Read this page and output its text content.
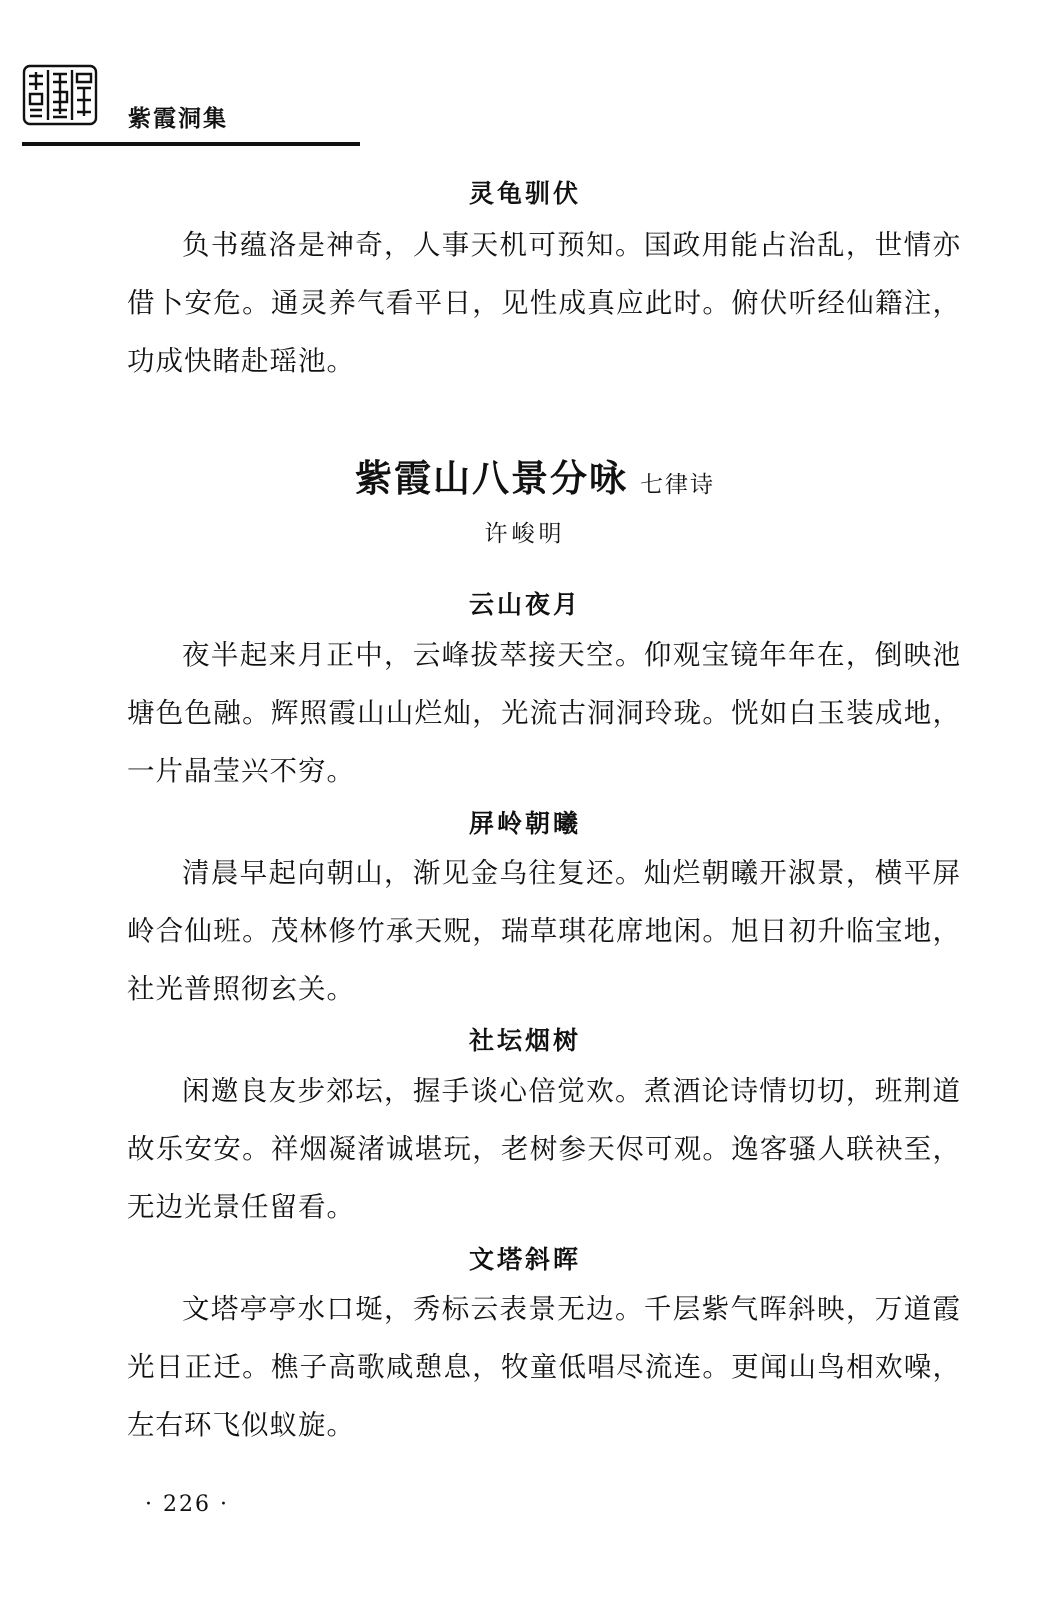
紫霞洞集
灵龟驯伏

负书蕴洛是神奇，人事天机可预知。国政用能占治乱，世情亦借卜安危。通灵养气看平日，见性成真应此时。俯伏听经仙籍注，功成快睹赴瑶池。

紫霞山八景分咏 七律诗
许峻明
云山夜月

夜半起来月正中，云峰拔萃接天空。仰观宝镜年年在，倒映池塘色色融。辉照霞山山烂灿，光流古洞洞玲珑。恍如白玉装成地，一片晶莹兴不穷。

屏岭朝曦

清晨早起向朝山，渐见金乌往复还。灿烂朝曦开淑景，横平屏岭合仙班。茂林修竹承天贶，瑞草琪花席地闲。旭日初升临宝地，社光普照彻玄关。

社坛烟树

闲邀良友步郊坛，握手谈心倍觉欢。煮酒论诗情切切，班荆道故乐安安。祥烟凝渚诚堪玩，老树参天侭可观。逸客骚人联袂至，无边光景任留看。

文塔斜晖

文塔亭亭水口埏，秀标云表景无边。千层紫气晖斜映，万道霞光日正迁。樵子高歌咸憩息，牧童低唱尽流连。更闻山鸟相欢噪，左右环飞似蚁旋。

· 226 ·
